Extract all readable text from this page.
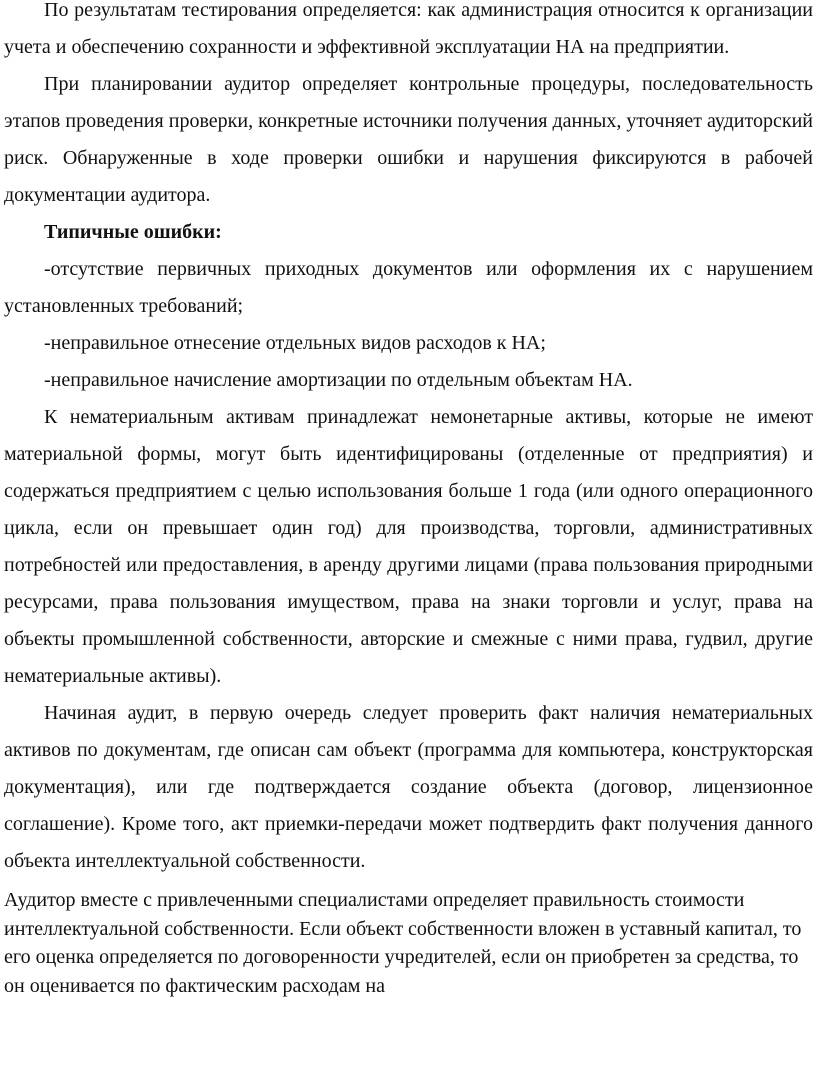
По результатам тестирования определяется: как администрация относится к организации учета и обеспечению сохранности и эффективной эксплуатации НА на предприятии.

При планировании аудитор определяет контрольные процедуры, последовательность этапов проведения проверки, конкретные источники получения данных, уточняет аудиторский риск. Обнаруженные в ходе проверки ошибки и нарушения фиксируются в рабочей документации аудитора.

Типичные ошибки:

-отсутствие первичных приходных документов или оформления их с нарушением установленных требований;

-неправильное отнесение отдельных видов расходов к НА;

-неправильное начисление амортизации по отдельным объектам НА.

К нематериальным активам принадлежат немонетарные активы, которые не имеют материальной формы, могут быть идентифицированы (отделенные от предприятия) и содержаться предприятием с целью использования больше 1 года (или одного операционного цикла, если он превышает один год) для производства, торговли, административных потребностей или предоставления, в аренду другими лицами (права пользования природными ресурсами, права пользования имуществом, права на знаки торговли и услуг, права на объекты промышленной собственности, авторские и смежные с ними права, гудвил, другие нематериальные активы).

Начиная аудит, в первую очередь следует проверить факт наличия нематериальных активов по документам, где описан сам объект (программа для компьютера, конструкторская документация), или где подтверждается создание объекта (договор, лицензионное соглашение). Кроме того, акт приемки-передачи может подтвердить факт получения данного объекта интеллектуальной собственности.

Аудитор вместе с привлеченными специалистами определяет правильность стоимости интеллектуальной собственности. Если объект собственности вложен в уставный капитал, то его оценка определяется по договоренности учредителей, если он приобретен за средства, то он оценивается по фактическим расходам на
